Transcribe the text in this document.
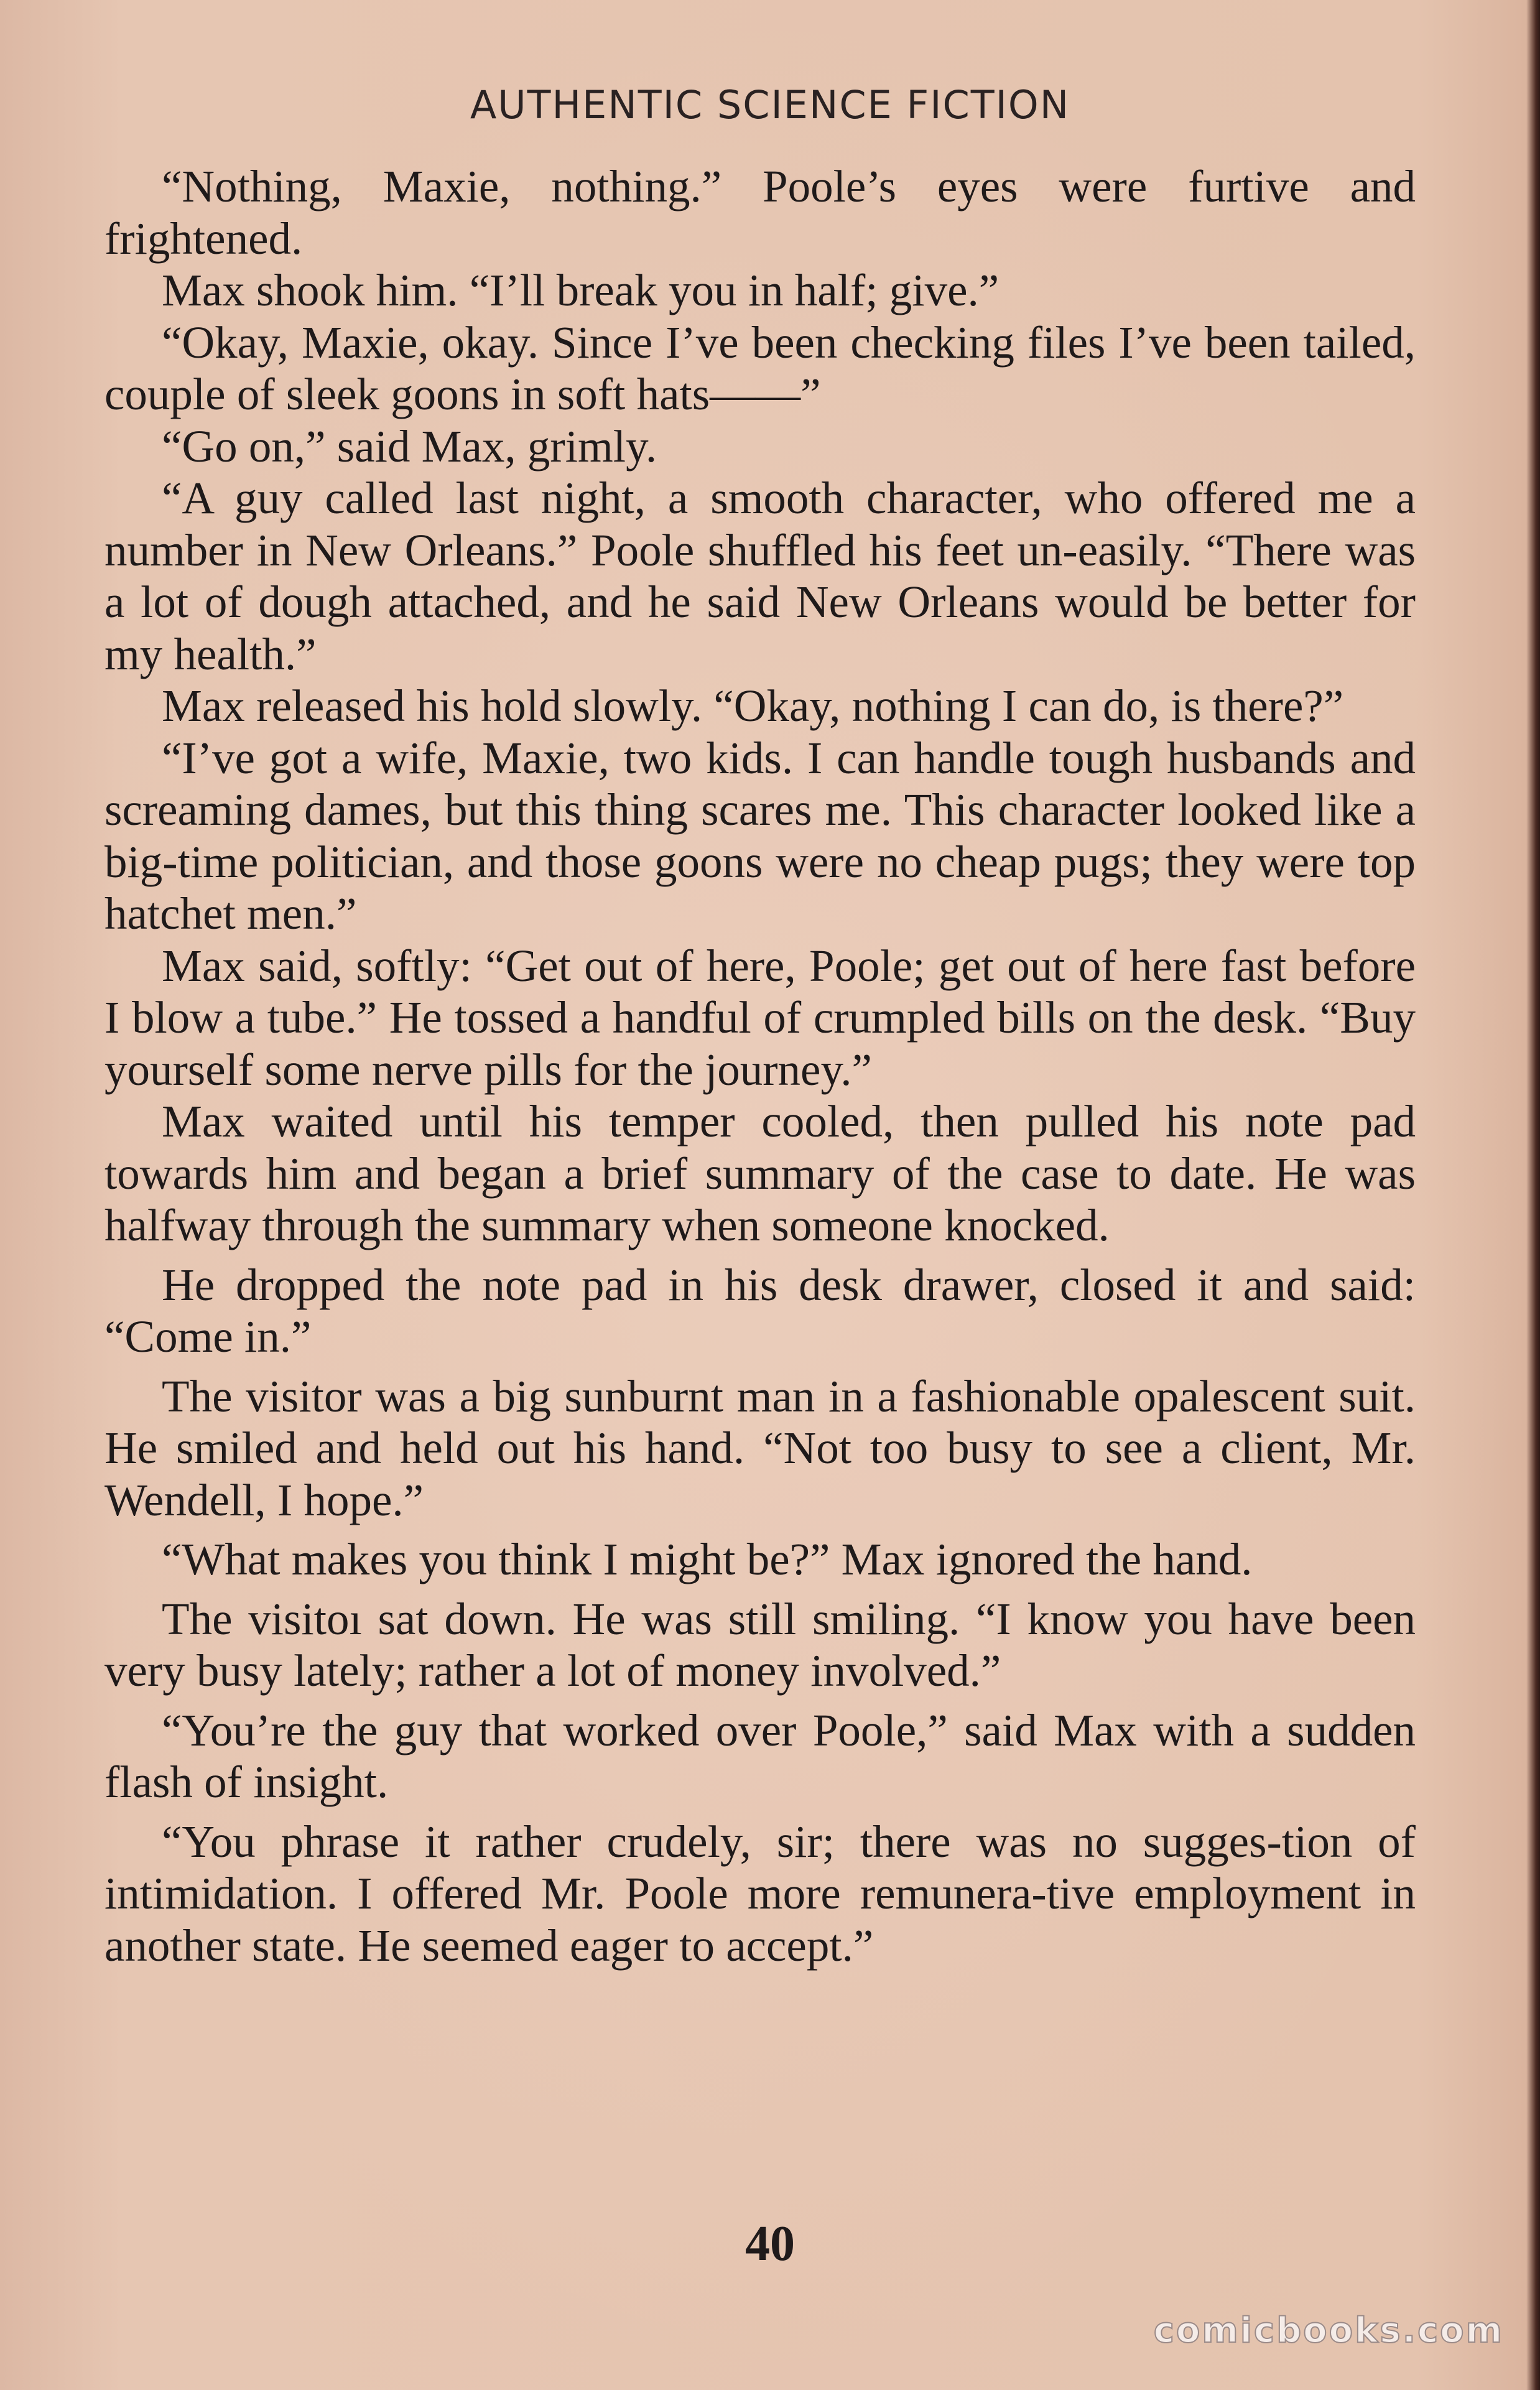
AUTHENTIC SCIENCE FICTION

“Nothing, Maxie, nothing.” Poole’s eyes were furtive and frightened.

Max shook him. “I’ll break you in half; give.”

“Okay, Maxie, okay. Since I’ve been checking files I’ve been tailed, couple of sleek goons in soft hats——”

“Go on,” said Max, grimly.

“A guy called last night, a smooth character, who offered me a number in New Orleans.” Poole shuffled his feet un-easily. “There was a lot of dough attached, and he said New Orleans would be better for my health.”

Max released his hold slowly. “Okay, nothing I can do, is there?”

“I’ve got a wife, Maxie, two kids. I can handle tough husbands and screaming dames, but this thing scares me. This character looked like a big-time politician, and those goons were no cheap pugs; they were top hatchet men.”

Max said, softly: “Get out of here, Poole; get out of here fast before I blow a tube.” He tossed a handful of crumpled bills on the desk. “Buy yourself some nerve pills for the journey.”

Max waited until his temper cooled, then pulled his note pad towards him and began a brief summary of the case to date. He was halfway through the summary when someone knocked.

He dropped the note pad in his desk drawer, closed it and said: “Come in.”

The visitor was a big sunburnt man in a fashionable opalescent suit. He smiled and held out his hand. “Not too busy to see a client, Mr. Wendell, I hope.”

“What makes you think I might be?” Max ignored the hand.

The visitoı sat down. He was still smiling. “I know you have been very busy lately; rather a lot of money involved.”

“You’re the guy that worked over Poole,” said Max with a sudden flash of insight.

“You phrase it rather crudely, sir; there was no sugges-tion of intimidation. I offered Mr. Poole more remunera-tive employment in another state. He seemed eager to accept.”

40
comicbooks.com
